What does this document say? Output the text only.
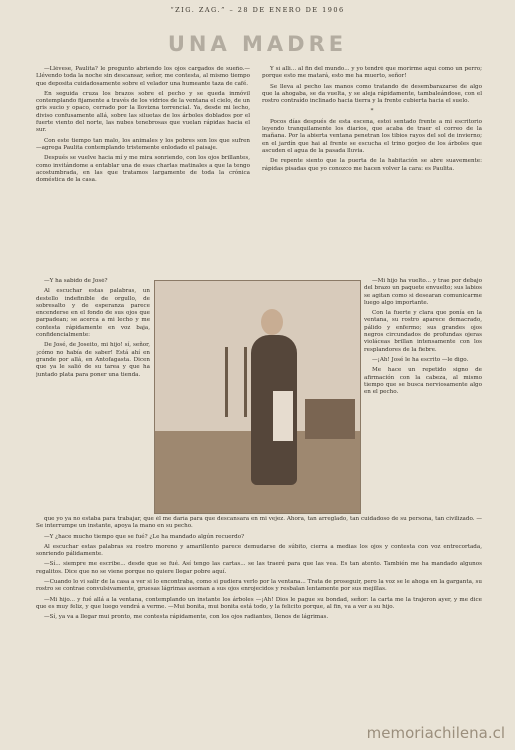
“ZIG. ZAG.” – 28 DE ENERO DE 1906
UNA MADRE

—Llévese, Paulita? le pregunto abriendo los ojos cargados de sueño.—Llévendo toda la noche sin descansar, señor, me contesta, al mismo tiempo que deposita cuidadosamente sobre el velador una humeante taza de café.

En seguida cruza los brazos sobre el pecho y se queda inmóvil contemplando fijamente a través de los vidrios de la ventana el cielo, de un gris sucio y opaco, cerrado por la llovizna torrencial. Ya, desde mi lecho, diviso confusamente allá, sobre las siluetas de los árboles doblados por el fuerte viento del norte, las nubes tenebrosas que vuelan rápidas hacia el sur.

Con este tiempo tan malo, los animales y los pobres son los que sufren —agrega Paulita contemplando tristemente enlodado el paisaje.

Después se vuelve hacia mí y me mira sonriendo, con los ojos brillantes, como invitándome a entablar una de esas charlas matinales a que la tengo acostumbrada, en las que tratamos largamente de toda la crónica doméstica de la casa.

Y sí allí... al fin del mundo... y yo tendré que morirme aquí como un perro; porque esto me matará, esto me ha muerto, señor!

Se lleva al pecho las manos como tratando de desembarazarse de algo que la ahogaba, se da vuelta, y se aleja rápidamente, tambaleándose, con el rostro contraído inclinado hacia tierra y la frente cubierta hacia el suelo.

*

Pocos días después de esta escena, estoi sentado frente a mi escritorio leyendo tranquilamente los diarios, que acaba de traer el correo de la mañana. Por la abierta ventana penetran los tibios rayos del sol de invierno; en el jardín que hai al frente se escucha el trino gorjeo de los árboles que ascuden el agua de la pasada lluvia.

De repente siento que la puerta de la habitación se abre suavemente: rápidas pisadas que yo conozco me hacen volver la cara: es Paulita.

—Y ha sabido de José?

Al escuchar estas palabras, un destello indefinible de orgullo, de sobresalto y de esperanza parece encenderse en el fondo de sus ojos que parpadean; se acerca a mi lecho y me contesta rápidamente en voz baja, confidencialmente:

De José, de Joseito, mi hijo! sí, señor, ¡cómo no había de saber! Está ahí en grande por allá, en Antofagasta. Dicen que ya le salió de su tarea y que ha juntado plata para poner una tienda.

—Mi hijo ha vuelto... y trae por debajo del brazo un paquete envuelto; sus labios se agitan como si desearan comunicarme luego algo importante.

Con la fuerte y clara que ponía en la ventana, su rostro aparece demacrado, pálido y enfermo; sus grandes ojos negros circundados de profundas ojeras violáceas brillan intensamente con los resplandores de la fiebre.

—¡Ah! José le ha escrito —le digo.

Me hace un repetido signo de afirmación con la cabeza, al mismo tiempo que se busca nerviosamente algo en el pecho.

que yo ya no estaba para trabajar, que él me daría para que descansara en mi vejez. Ahora, tan arreglado, tan cuidadoso de su persona, tan civilizado. —Se interrumpe un instante, apoya la mano en su pecho.

—Y ¿hace mucho tiempo que se fué? ¿Le ha mandado algún recuerdo?

Al escuchar estas palabras su rostro moreno y amarillento parece demudarse de súbito, cierra a medias los ojos y contesta con voz entrecortada, sonriendo pálidamente.

—Sí... siempre me escribe... desde que se fué. Así tengo las cartas... se las traeré para que las vea. Es tan atento. También me ha mandado algunos regalitos. Dice que no se viene porque no quiere llegar pobre aquí.

—Cuando lo vi salir de la casa a ver si lo encontraba, como si pudiera verlo por la ventana... Trata de proseguir, pero la voz se le ahoga en la garganta, su rostro se contrae convulsivamente, gruesas lágrimas asoman a sus ojos enrojecidos y resbalan lentamente por sus mejillas.

—Mi hijo... y fué allá a la ventana, contemplando un instante los árboles —¡Ah! Dios le pague su bondad, señor: la carta me la trajeron ayer, y me dice que es muy feliz, y que luego vendrá a verme. —Mui bonita, mui bonita está todo, y la felicito porque, al fin, va a ver a su hijo.

—Sí, ya va a llegar mui pronto, me contesta rápidamente, con los ojos radiantes, llenos de lágrimas.

memoriachilena.cl
